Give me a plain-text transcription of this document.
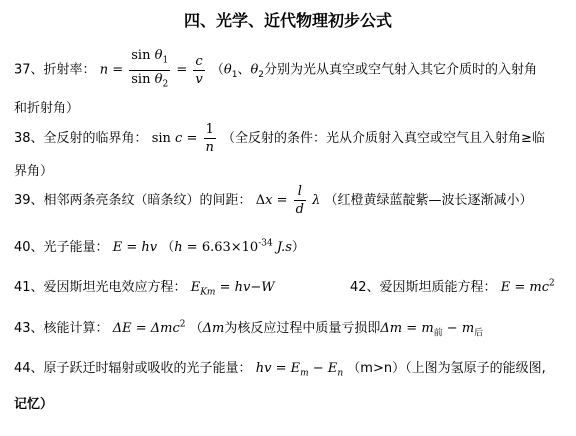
四、光学、近代物理初步公式
37、折射率： $n = \frac{\sin \theta_1}{\sin \theta_2} = \frac{c}{v} (\theta_1$、$\theta_2$分别为光从真空或空气射入其它介质时的入射角
和折射角）
38、全反射的临界角： $\sin c = \frac{1}{n}$ （全反射的条件：光从介质射入真空或空气且入射角≥临
界角）
39、相邻两条亮条纹（暗条纹）的间距： $\Delta x = \frac{l}{d}$ λ （红橙黄绿蓝靛紫—波长逐渐减小）
40、光子能量： E = hv （$h = 6.63\times 10^{-34}$ J.s）
41、爱因斯坦光电效应方程： $E_{Km} = hv-W$	42、爱因斯坦质能方程： $E = mc^2$
43、核能计算： ΔE = Δmc$^2$ （Δm为核反应过程中质量亏损即$\Delta m = m_前 - m_后$
44、原子跃迁时辐射或吸收的光子能量： hv = $E_m - E_n$ （m>n）（上图为氢原子的能级图,
记忆）
